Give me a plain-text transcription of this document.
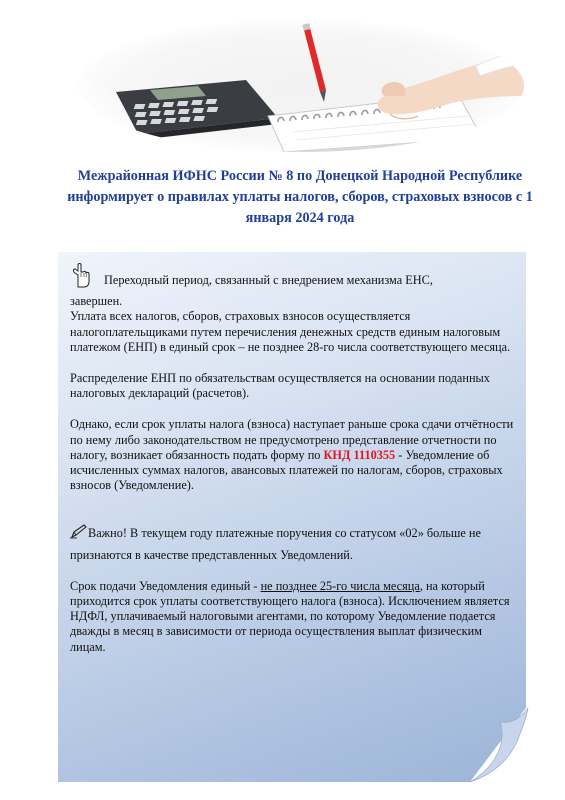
Межрайонная ИФНС России № 8 по Донецкой Народной Республике информирует о правилах уплаты налогов, сборов, страховых взносов с 1 января 2024 года

Переходный период, связанный с внедрением механизма ЕНС,

завершен.

Уплата всех налогов, сборов, страховых взносов осуществляется налогоплательщиками путем перечисления денежных средств единым налоговым платежом (ЕНП) в единый срок – не позднее 28-го числа соответствующего месяца.

Распределение ЕНП по обязательствам осуществляется на основании поданных налоговых деклараций (расчетов).

Однако, если срок уплаты налога (взноса) наступает раньше срока сдачи отчётности по нему либо законодательством не предусмотрено представление отчетности по налогу, возникает обязанность подать форму по КНД 1110355 - Уведомление об исчисленных суммах налогов, авансовых платежей по налогам, сборов, страховых взносов (Уведомление).

Важно! В текущем году платежные поручения со статусом «02» больше не

признаются в качестве представленных Уведомлений.

Срок подачи Уведомления единый - не позднее 25-го числа месяца, на который приходится срок уплаты соответствующего налога (взноса). Исключением является НДФЛ, уплачиваемый налоговыми агентами, по которому Уведомление подается дважды в месяц в зависимости от периода осуществления выплат физическим лицам.
